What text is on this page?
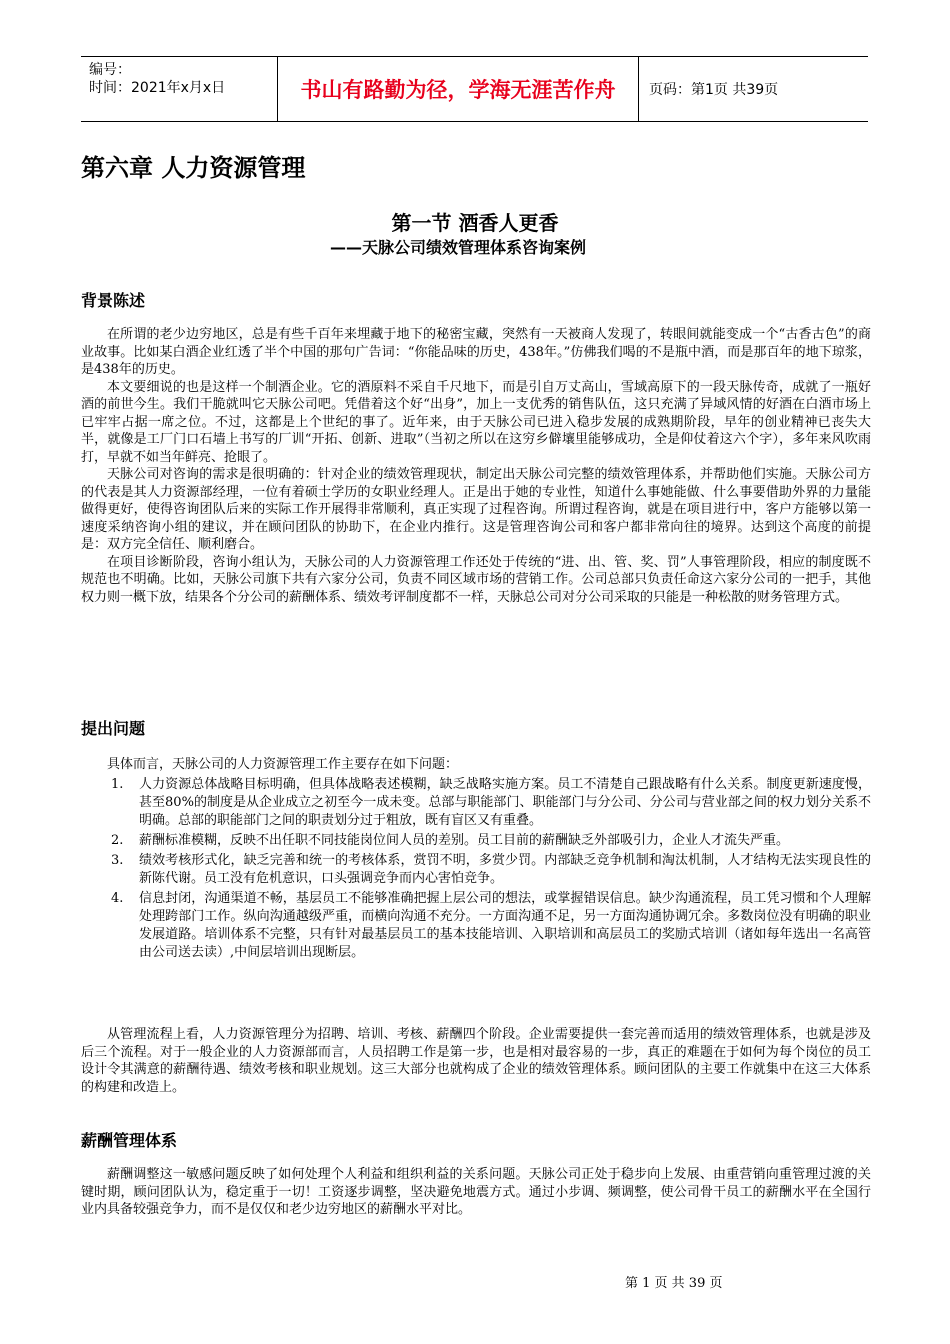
编号：
时间：2021年x月x日	书山有路勤为径，学海无涯苦作舟	页码：第1页 共39页
第六章 人力资源管理
第一节 酒香人更香
——天脉公司绩效管理体系咨询案例
背景陈述

在所谓的老少边穷地区，总是有些千百年来埋藏于地下的秘密宝藏，突然有一天被商人发现了，转眼间就能变成一个“古香古色”的商业故事。比如某白酒企业红透了半个中国的那句广告词：“你能品味的历史，438年。”仿佛我们喝的不是瓶中酒，而是那百年的地下琼浆，是438年的历史。

本文要细说的也是这样一个制酒企业。它的酒原料不采自千尺地下，而是引自万丈高山，雪域高原下的一段天脉传奇，成就了一瓶好酒的前世今生。我们干脆就叫它天脉公司吧。凭借着这个好“出身”，加上一支优秀的销售队伍，这只充满了异域风情的好酒在白酒市场上已牢牢占据一席之位。不过，这都是上个世纪的事了。近年来，由于天脉公司已进入稳步发展的成熟期阶段，早年的创业精神已丧失大半，就像是工厂门口石墙上书写的厂训“开拓、创新、进取”（当初之所以在这穷乡僻壤里能够成功，全是仰仗着这六个字），多年来风吹雨打，早就不如当年鲜亮、抢眼了。

天脉公司对咨询的需求是很明确的：针对企业的绩效管理现状，制定出天脉公司完整的绩效管理体系，并帮助他们实施。天脉公司方的代表是其人力资源部经理，一位有着硕士学历的女职业经理人。正是出于她的专业性，知道什么事她能做、什么事要借助外界的力量能做得更好，使得咨询团队后来的实际工作开展得非常顺利，真正实现了过程咨询。所谓过程咨询，就是在项目进行中，客户方能够以第一速度采纳咨询小组的建议，并在顾问团队的协助下，在企业内推行。这是管理咨询公司和客户都非常向往的境界。达到这个高度的前提是：双方完全信任、顺利磨合。

在项目诊断阶段，咨询小组认为，天脉公司的人力资源管理工作还处于传统的“进、出、管、奖、罚”人事管理阶段，相应的制度既不规范也不明确。比如，天脉公司旗下共有六家分公司，负责不同区域市场的营销工作。公司总部只负责任命这六家分公司的一把手，其他权力则一概下放，结果各个分公司的薪酬体系、绩效考评制度都不一样，天脉总公司对分公司采取的只能是一种松散的财务管理方式。

提出问题

具体而言，天脉公司的人力资源管理工作主要存在如下问题：

1. 人力资源总体战略目标明确，但具体战略表述模糊，缺乏战略实施方案。员工不清楚自己跟战略有什么关系。制度更新速度慢，甚至80%的制度是从企业成立之初至今一成未变。总部与职能部门、职能部门与分公司、分公司与营业部之间的权力划分关系不明确。总部的职能部门之间的职责划分过于粗放，既有盲区又有重叠。
2. 薪酬标准模糊，反映不出任职不同技能岗位间人员的差别。员工目前的薪酬缺乏外部吸引力，企业人才流失严重。
3. 绩效考核形式化，缺乏完善和统一的考核体系，赏罚不明，多赏少罚。内部缺乏竞争机制和淘汰机制，人才结构无法实现良性的新陈代谢。员工没有危机意识，口头强调竞争而内心害怕竞争。
4. 信息封闭，沟通渠道不畅，基层员工不能够准确把握上层公司的想法，或掌握错误信息。缺少沟通流程，员工凭习惯和个人理解处理跨部门工作。纵向沟通越级严重，而横向沟通不充分。一方面沟通不足，另一方面沟通协调冗余。多数岗位没有明确的职业发展道路。培训体系不完整，只有针对最基层员工的基本技能培训、入职培训和高层员工的奖励式培训（诸如每年选出一名高管由公司送去读）,中间层培训出现断层。

从管理流程上看，人力资源管理分为招聘、培训、考核、薪酬四个阶段。企业需要提供一套完善而适用的绩效管理体系，也就是涉及后三个流程。对于一般企业的人力资源部而言，人员招聘工作是第一步，也是相对最容易的一步，真正的难题在于如何为每个岗位的员工设计令其满意的薪酬待遇、绩效考核和职业规划。这三大部分也就构成了企业的绩效管理体系。顾问团队的主要工作就集中在这三大体系的构建和改造上。

薪酬管理体系

薪酬调整这一敏感问题反映了如何处理个人利益和组织利益的关系问题。天脉公司正处于稳步向上发展、由重营销向重管理过渡的关键时期，顾问团队认为，稳定重于一切！工资逐步调整，坚决避免地震方式。通过小步调、频调整，使公司骨干员工的薪酬水平在全国行业内具备较强竞争力，而不是仅仅和老少边穷地区的薪酬水平对比。

第 1 页 共 39 页
